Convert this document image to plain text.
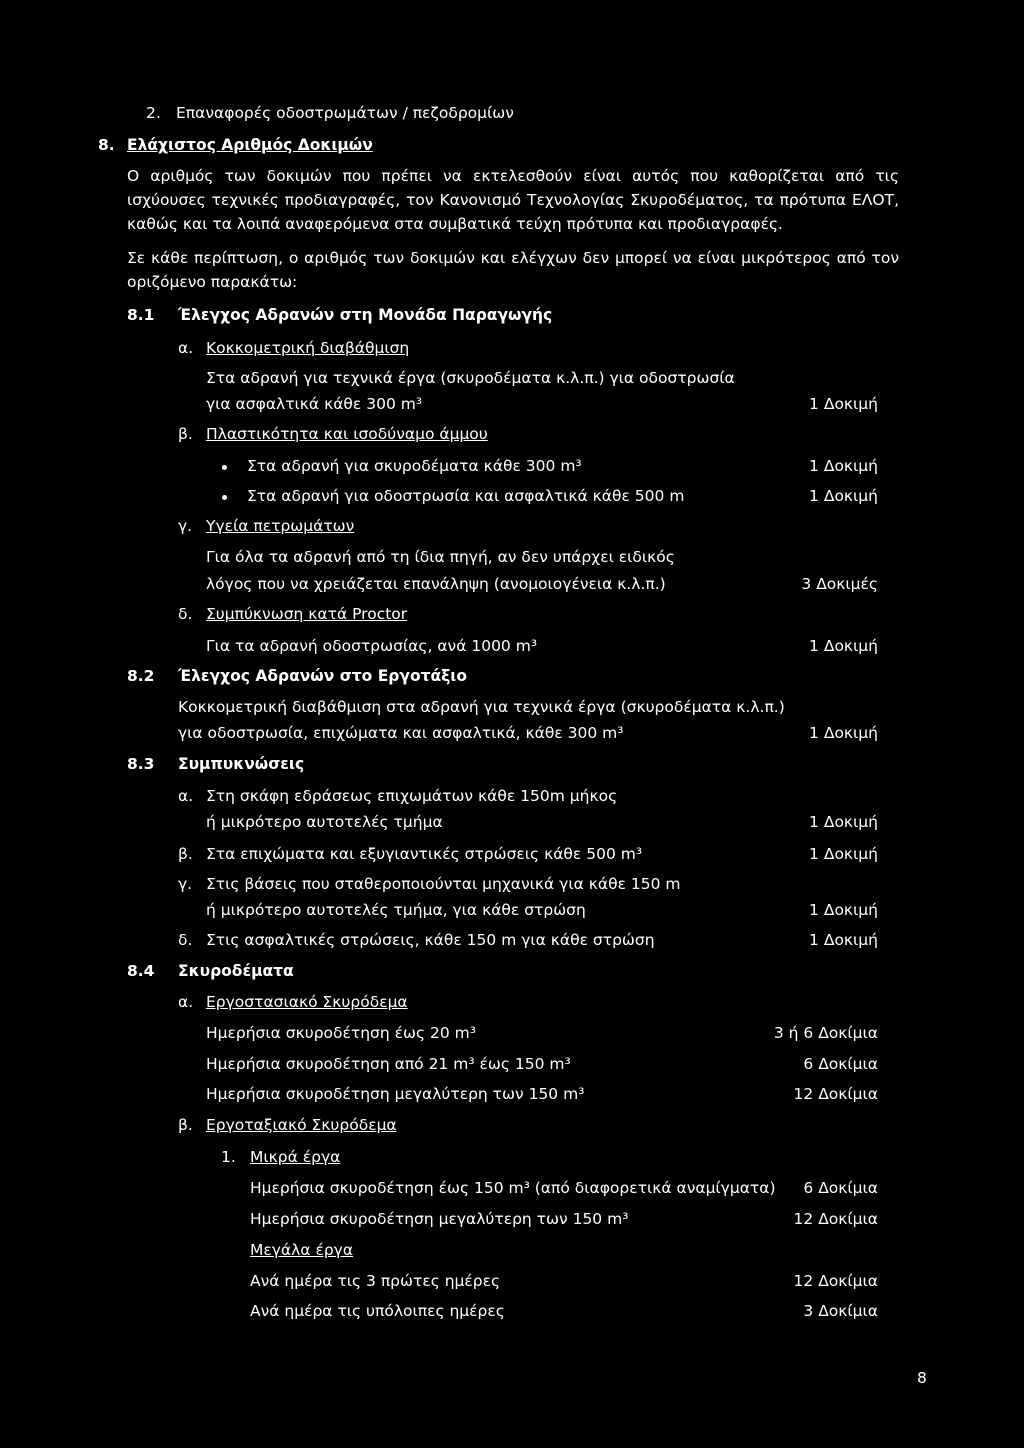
2. Επαναφορές οδοστρωμάτων / πεζοδρομίων
8. Ελάχιστος Αριθμός Δοκιμών
Ο αριθμός των δοκιμών που πρέπει να εκτελεσθούν είναι αυτός που καθορίζεται από τις ισχύουσες τεχνικές προδιαγραφές, τον Κανονισμό Τεχνολογίας Σκυροδέματος, τα πρότυπα ΕΛΟΤ, καθώς και τα λοιπά αναφερόμενα στα συμβατικά τεύχη πρότυπα και προδιαγραφές.
Σε κάθε περίπτωση, ο αριθμός των δοκιμών και ελέγχων δεν μπορεί να είναι μικρότερος από τον οριζόμενο παρακάτω:
8.1 Έλεγχος Αδρανών στη Μονάδα Παραγωγής
α. Κοκκομετρική διαβάθμιση
Στα αδρανή για τεχνικά έργα (σκυροδέματα κ.λ.π.) για οδοστρωσία
για ασφαλτικά κάθε 300 m³	1 Δοκιμή
β. Πλαστικότητα και ισοδύναμο άμμου
Στα αδρανή για σκυροδέματα κάθε 300 m³	1 Δοκιμή
Στα αδρανή για οδοστρωσία και ασφαλτικά κάθε 500 m	1 Δοκιμή
γ. Υγεία πετρωμάτων
Για όλα τα αδρανή από τη ίδια πηγή, αν δεν υπάρχει ειδικός
λόγος που να χρειάζεται επανάληψη (ανομοιογένεια κ.λ.π.)	3 Δοκιμές
δ. Συμπύκνωση κατά Proctor
Για τα αδρανή οδοστρωσίας, ανά 1000 m³	1 Δοκιμή
8.2 Έλεγχος Αδρανών στο Εργοτάξιο
Κοκκομετρική διαβάθμιση στα αδρανή για τεχνικά έργα (σκυροδέματα κ.λ.π.)
για οδοστρωσία, επιχώματα και ασφαλτικά, κάθε 300 m³	1 Δοκιμή
8.3 Συμπυκνώσεις
α. Στη σκάφη εδράσεως επιχωμάτων κάθε 150m μήκος
ή μικρότερο αυτοτελές τμήμα	1 Δοκιμή
β. Στα επιχώματα και εξυγιαντικές στρώσεις κάθε 500 m³	1 Δοκιμή
γ. Στις βάσεις που σταθεροποιούνται μηχανικά για κάθε 150 m
ή μικρότερο αυτοτελές τμήμα, για κάθε στρώση	1 Δοκιμή
δ. Στις ασφαλτικές στρώσεις, κάθε 150 m για κάθε στρώση	1 Δοκιμή
8.4 Σκυροδέματα
α. Εργοστασιακό Σκυρόδεμα
Ημερήσια σκυροδέτηση έως 20 m³	3 ή 6 Δοκίμια
Ημερήσια σκυροδέτηση από 21 m³ έως 150 m³	6 Δοκίμια
Ημερήσια σκυροδέτηση μεγαλύτερη των 150 m³	12 Δοκίμια
β. Εργοταξιακό Σκυρόδεμα
1. Μικρά έργα
Ημερήσια σκυροδέτηση έως 150 m³ (από διαφορετικά αναμίγματα) 6 Δοκίμια
Ημερήσια σκυροδέτηση μεγαλύτερη των 150 m³	12 Δοκίμια
Μεγάλα έργα
Ανά ημέρα τις 3 πρώτες ημέρες	12 Δοκίμια
Ανά ημέρα τις υπόλοιπες ημέρες	3 Δοκίμια
8
